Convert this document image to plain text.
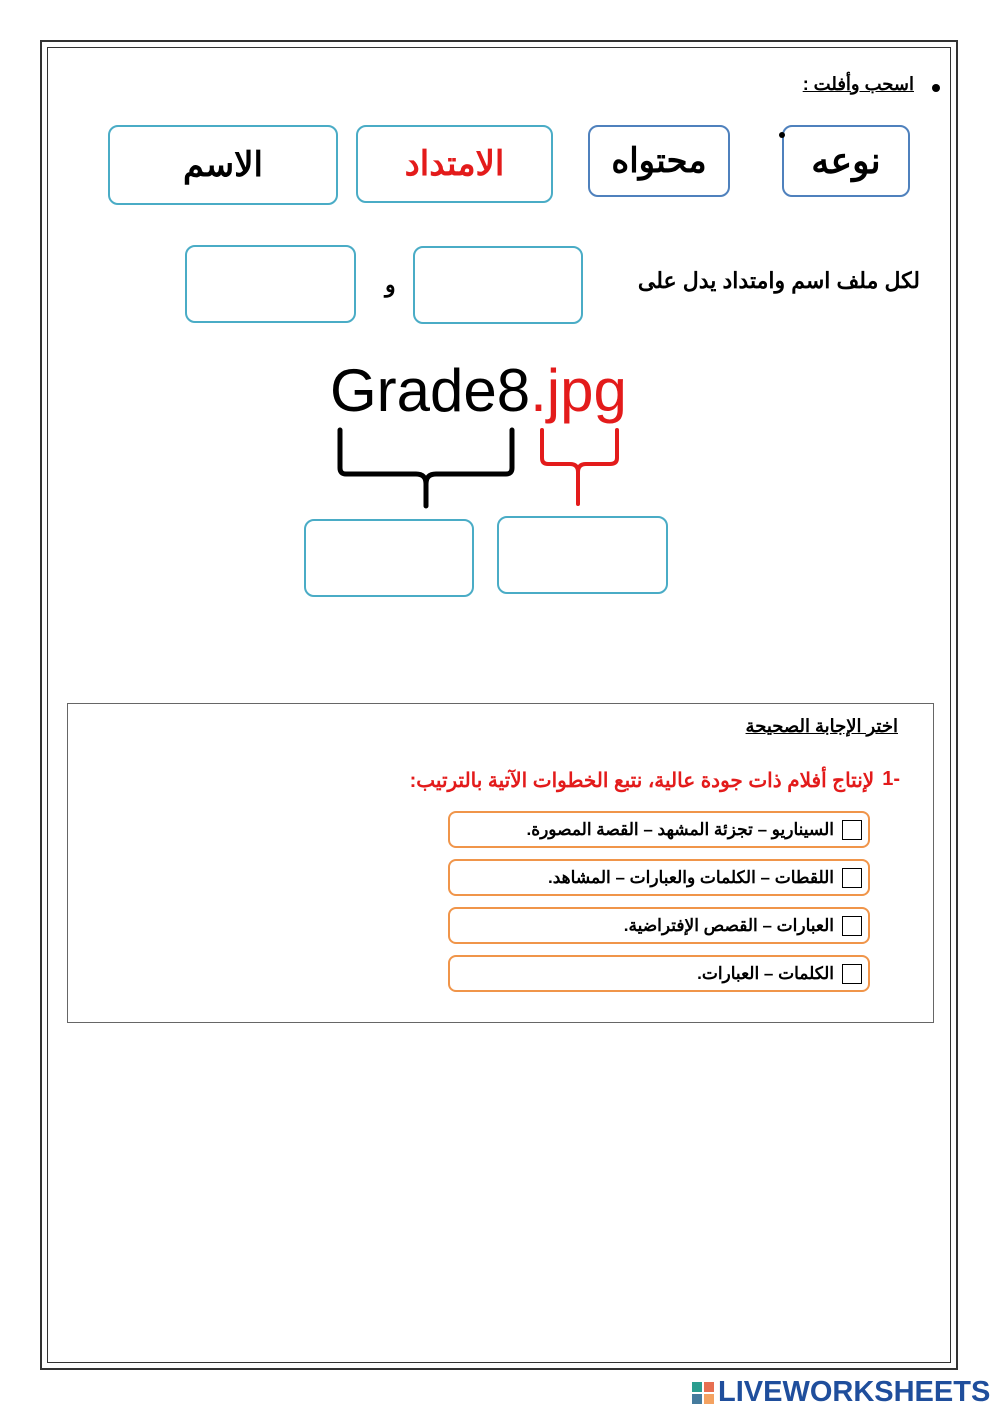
اسحب وأفلت :
نوعه
محتواه
الامتداد
الاسم
لكل ملف اسم وامتداد يدل على
و
Grade8.jpg
اختر الإجابة الصحيحة
-1
لإنتاج أفلام ذات جودة عالية، نتبع الخطوات الآتية بالترتيب:
السيناريو – تجزئة المشهد – القصة المصورة.
اللقطات – الكلمات والعبارات – المشاهد.
العبارات – القصص الإفتراضية.
الكلمات – العبارات.
LIVEWORKSHEETS
